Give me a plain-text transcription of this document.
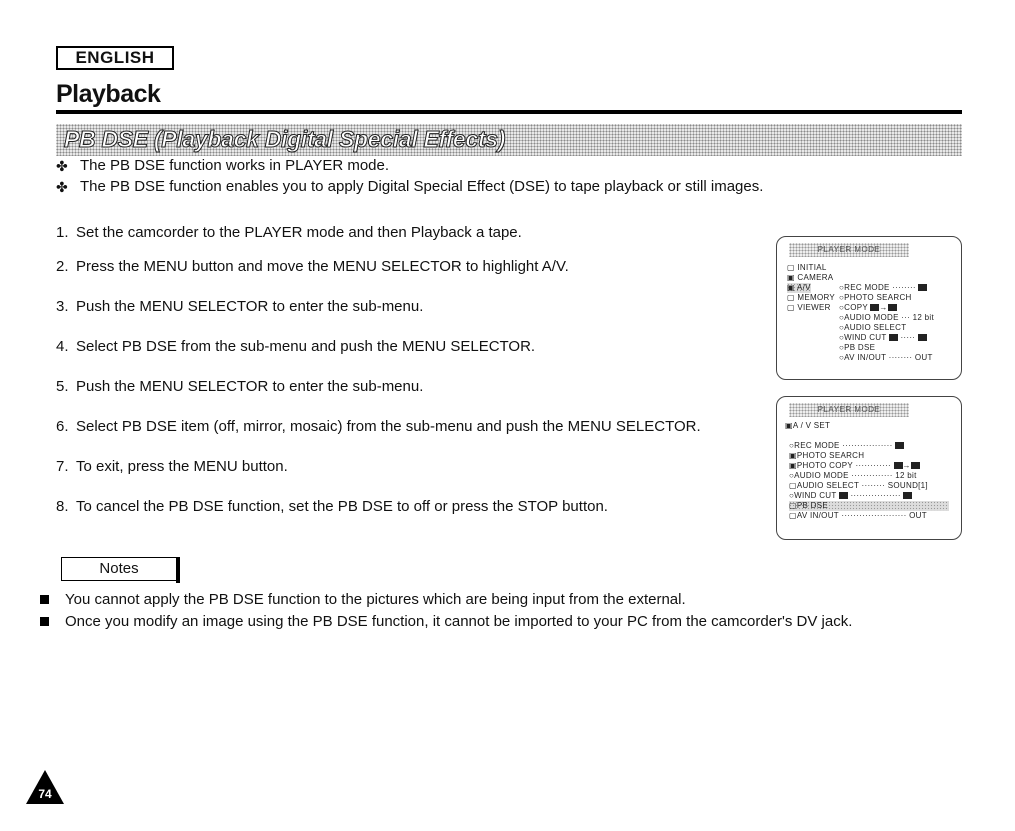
ENGLISH
Playback
PB DSE (Playback Digital Special Effects)
✤ The PB DSE function works in PLAYER mode.
✤ The PB DSE function enables you to apply Digital Special Effect (DSE) to tape playback or still images.
1. Set the camcorder to the PLAYER mode and then Playback a tape.
2. Press the MENU button and move the MENU SELECTOR to highlight A/V.
3. Push the MENU SELECTOR to enter the sub-menu.
4. Select PB DSE from the sub-menu and push the MENU SELECTOR.
5. Push the MENU SELECTOR to enter the sub-menu.
6. Select PB DSE item (off, mirror, mosaic) from the sub-menu and push the MENU SELECTOR.
7. To exit, press the MENU button.
8. To cancel the PB DSE function, set the PB DSE to off or press the STOP button.
PLAYER MODE
▢ INITIAL
▣ CAMERA
▣ A/V
▢ MEMORY
▢ VIEWER
○REC MODE ········
○PHOTO SEARCH
○COPY →
○AUDIO MODE ··· 12 bit
○AUDIO SELECT
○WIND CUT  ·····
○PB DSE
○AV IN/OUT ········ OUT
PLAYER MODE
▣A / V SET
○REC MODE ·················
▣PHOTO SEARCH
▣PHOTO COPY ············ →
○AUDIO MODE ·············· 12 bit
▢AUDIO SELECT ········ SOUND[1]
○WIND CUT  ·················
▢PB DSE
▢AV IN/OUT ······················ OUT
Notes
You cannot apply the PB DSE function to the pictures which are being input from the external.
Once you modify an image using the PB DSE function, it cannot be imported to your PC from the camcorder's DV jack.
74
